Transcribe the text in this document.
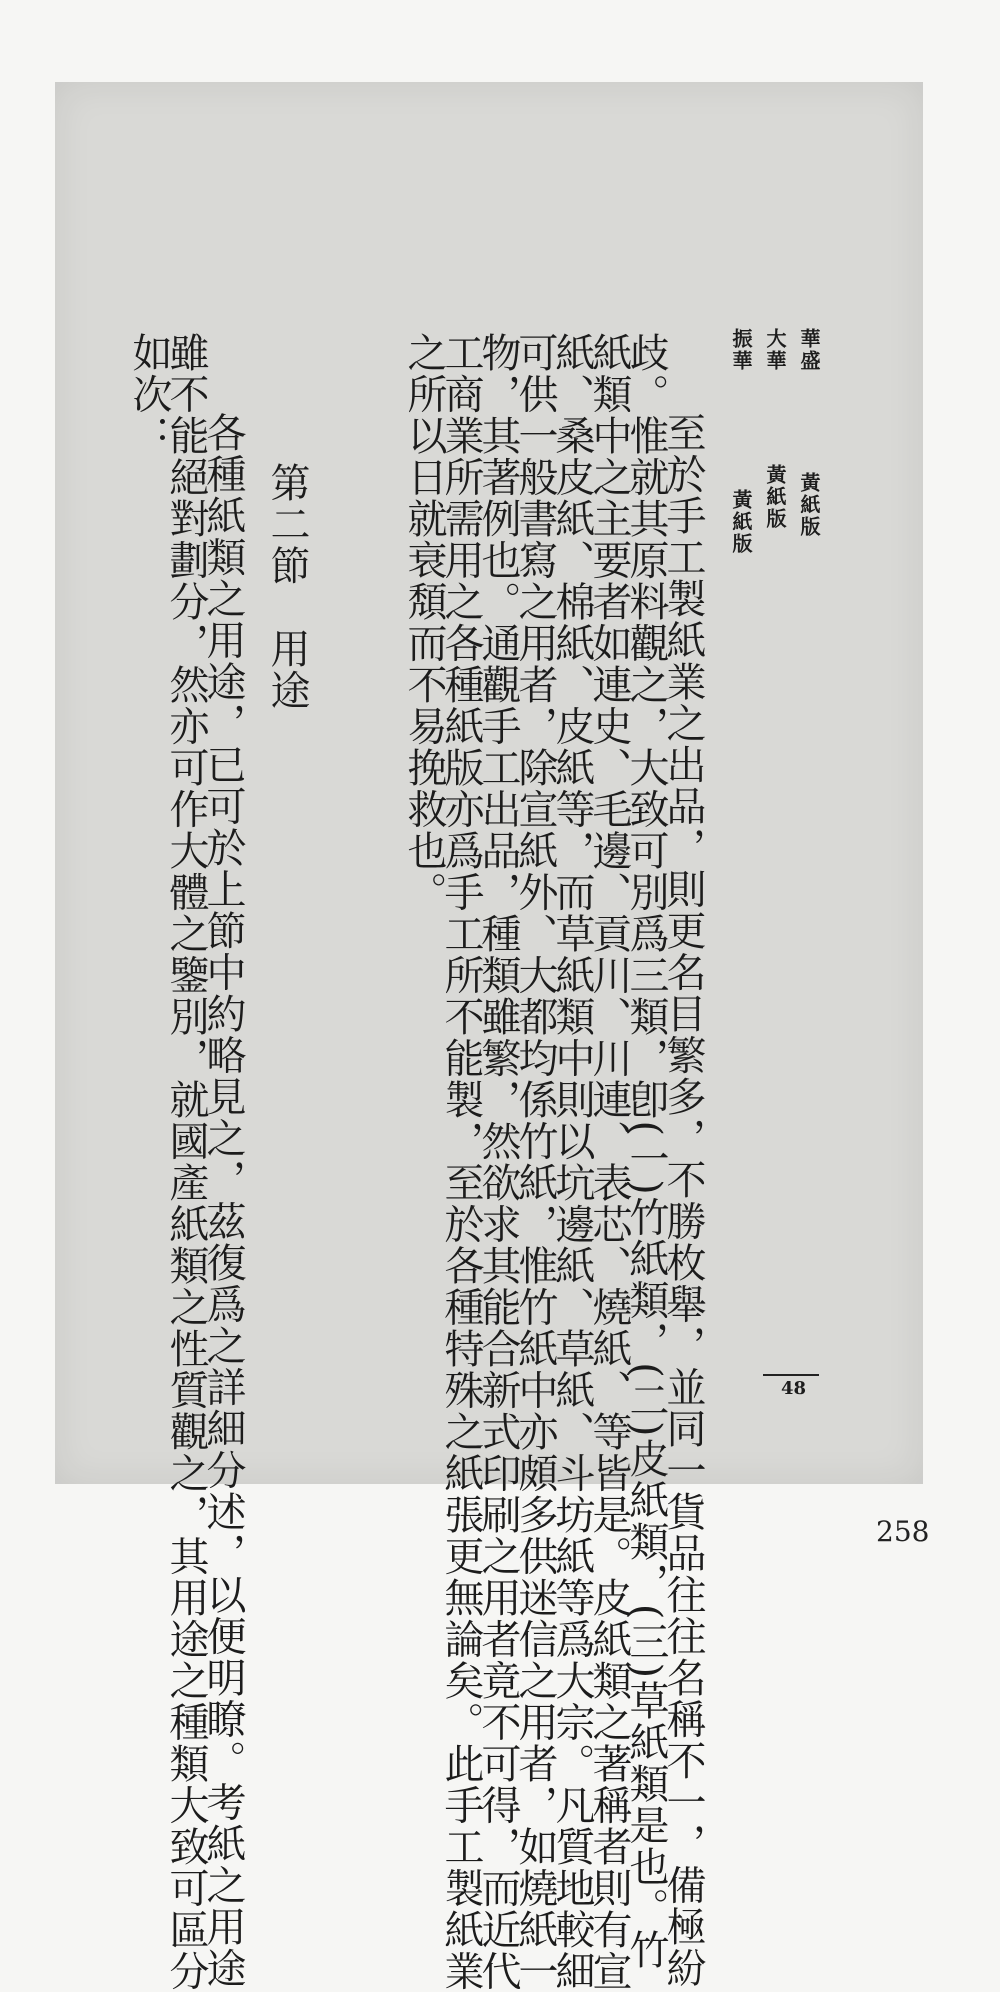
華盛
黃紙版
大華
黃紙版
振華
黃紙版
至於手工製紙業之出品，則更名目繁多，不勝枚舉，並同一貨品往往名稱不一，備極紛
歧。惟就其原料觀之，大致可別爲三類，卽(一)竹紙類，(二)皮紙類，(三)草紙類是也。竹
紙類中之主要者如連史、毛邊、貢川、川連、表芯、燒紙、等皆是。皮紙類之著稱者則有宣
紙、桑皮紙、棉紙、皮紙等，而草紙類中則以坑邊紙、草紙、斗坊紙等爲大宗。凡質地較細
可供一般書寫之用者，除宣紙外、大都均係竹紙，惟竹紙中亦頗多供迷信之用者，如燒紙一
物，其著例也。通觀手工出品，種類雖繁，然欲求其能合新式印刷之用者竟不可得，而近代
工商業所需用之各種紙版亦爲手工所不能製，至於各種特殊之紙張更無論矣。此手工製紙業
之所以日就衰頽而不易挽救也。
第二節　用途
各種紙類之用途，已可於上節中約略見之，茲復爲之詳細分述，以便明瞭。考紙之用途
雖不能絕對劃分，然亦可作大體之鑒別，就國產紙類之性質觀之，其用途之種類大致可區分
如次：
48
258
